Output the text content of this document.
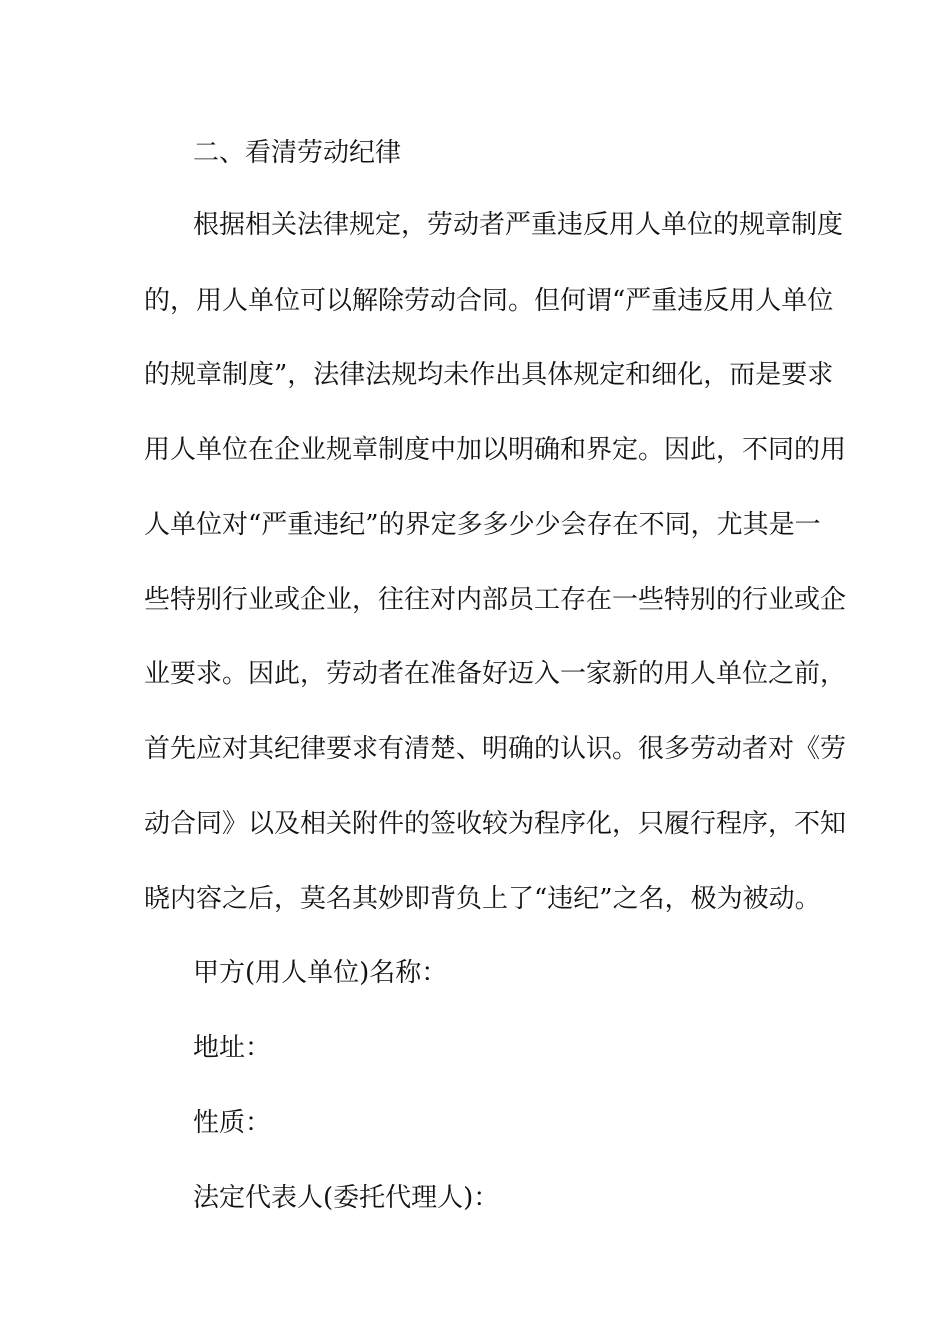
二、看清劳动纪律
根据相关法律规定，劳动者严重违反用人单位的规章制度
的，用人单位可以解除劳动合同。但何谓“严重违反用人单位
的规章制度”，法律法规均未作出具体规定和细化，而是要求
用人单位在企业规章制度中加以明确和界定。因此，不同的用
人单位对“严重违纪”的界定多多少少会存在不同，尤其是一
些特别行业或企业，往往对内部员工存在一些特别的行业或企
业要求。因此，劳动者在准备好迈入一家新的用人单位之前，
首先应对其纪律要求有清楚、明确的认识。很多劳动者对《劳
动合同》以及相关附件的签收较为程序化，只履行程序，不知
晓内容之后，莫名其妙即背负上了“违纪”之名，极为被动。
甲方(用人单位)名称：
地址：
性质：
法定代表人(委托代理人)：
